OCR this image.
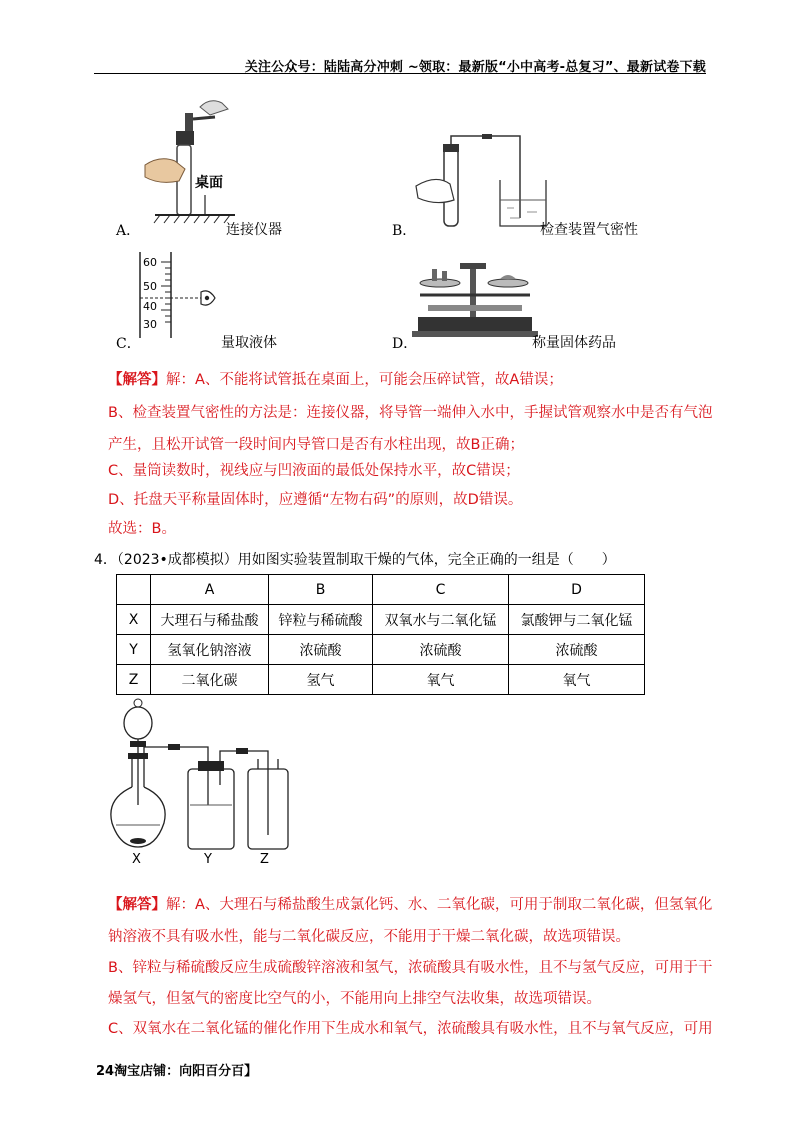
关注公众号：陆陆高分冲刺 ~领取：最新版“小中高考-总复习”、最新试卷下载
桌面
A．	连接仪器	B．	检查装置气密性
60
50
40
30
C．	量取液体	D．	称量固体药品
【解答】解：A、不能将试管抵在桌面上，可能会压碎试管，故A错误；
B、检查装置气密性的方法是：连接仪器，将导管一端伸入水中，手握试管观察水中是否有气泡
产生，且松开试管一段时间内导管口是否有水柱出现，故B正确；
C、量筒读数时，视线应与凹液面的最低处保持水平，故C错误；
D、托盘天平称量固体时，应遵循“左物右码”的原则，故D错误。
故选：B。
4．（2023•成都模拟）用如图实验装置制取干燥的气体，完全正确的一组是（　　）
	A	B	C	D
X	大理石与稀盐酸	锌粒与稀硫酸	双氧水与二氧化锰	氯酸钾与二氧化锰
Y	氢氧化钠溶液	浓硫酸	浓硫酸	浓硫酸
Z	二氧化碳	氢气	氧气	氧气
X	Y	Z
【解答】解：A、大理石与稀盐酸生成氯化钙、水、二氧化碳，可用于制取二氧化碳，但氢氧化
钠溶液不具有吸水性，能与二氧化碳反应，不能用于干燥二氧化碳，故选项错误。
B、锌粒与稀硫酸反应生成硫酸锌溶液和氢气，浓硫酸具有吸水性，且不与氢气反应，可用于干
燥氢气，但氢气的密度比空气的小，不能用向上排空气法收集，故选项错误。
C、双氧水在二氧化锰的催化作用下生成水和氧气，浓硫酸具有吸水性，且不与氧气反应，可用
24淘宝店铺：向阳百分百】
